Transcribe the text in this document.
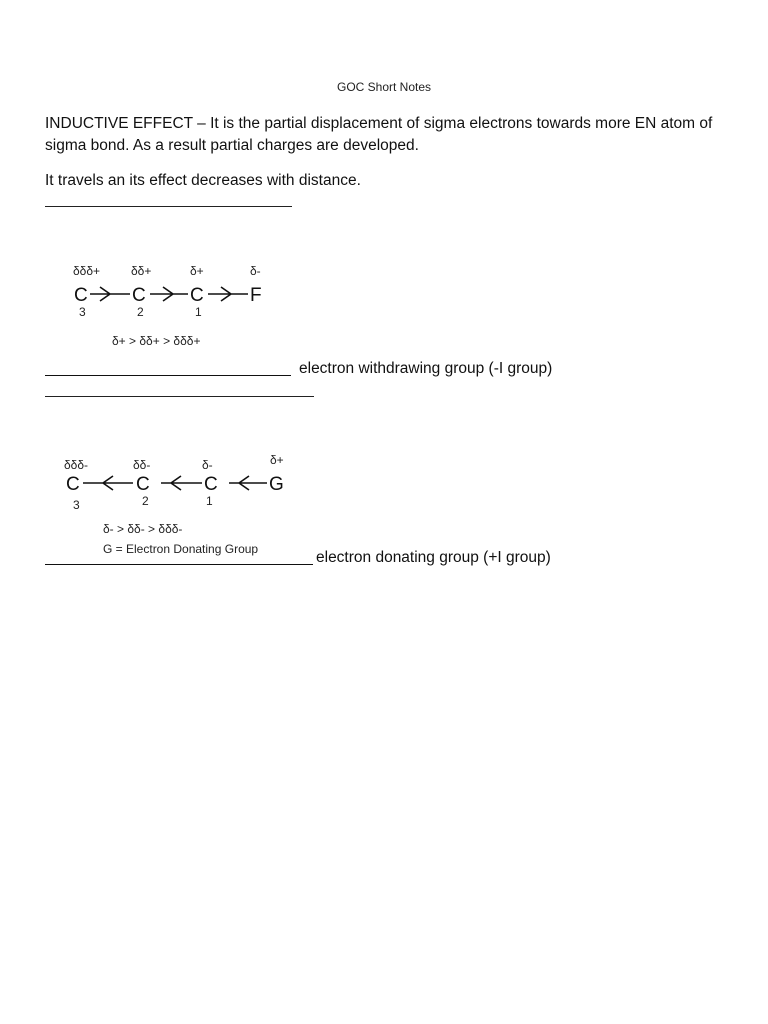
GOC Short Notes
INDUCTIVE EFFECT – It is the partial displacement of sigma electrons towards more EN atom of sigma bond. As a result partial charges are developed.
It travels an its effect decreases with distance.
δδδ+	δδ+	δ+	δ-
C C C F
3	2	1
δ+ > δδ+ > δδδ+
electron withdrawing group (-I group)
δδδ-	δδ-	δ-	δ+
C	C	C	G
3	2	1
δ- > δδ- > δδδ-
G = Electron Donating Group	electron donating group (+I group)
